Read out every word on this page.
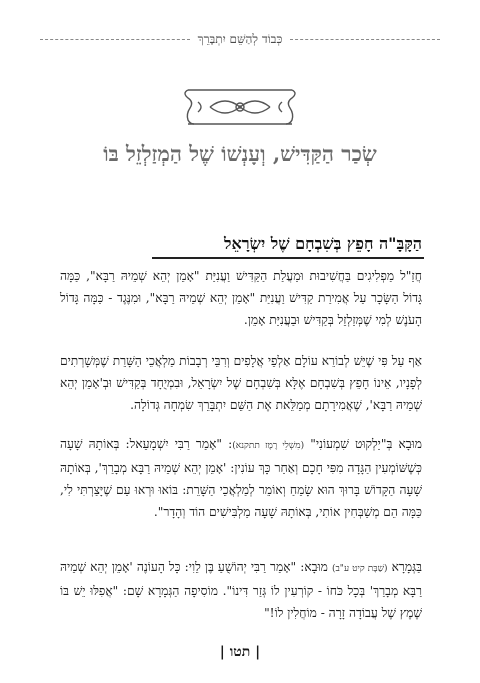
כְּבוֹד לְהַשֵּׁם יִתְבָּרֵךְ
שְׂכַר הַקַּדִּישׁ, וְעָנְשׁוֹ שֶׁל הַמְזַלְזֵל בּוֹ
הַקָּבָּ"ה חָפֵץ בְּשִׁבְחָם שֶׁל יִשְׂרָאֵל
חֲזַ"ל מַפְלִיגִים בַּחֲשִׁיבוּת וּמַעֲלַת הַקַּדִּישׁ וַעֲנִיַּת "אָמֵן יְהֵא שְׁמֵיהּ רַבָּא", כַּמָּה גָּדוֹל הַשָּׂכָר עַל אֲמִירַת קַדִּישׁ וַעֲנִיַּת "אָמֵן יְהֵא שְׁמֵיהּ רַבָּא", וּמִנֶּגֶד - כַּמָּה גָּדוֹל הָעֹנֶשׁ לְמִי שֶׁמְּזַלְזֵל בְּקַדִּישׁ וּבַעֲנִיַּת אָמֵן.
אַף עַל פִּי שֶׁיֵּשׁ לְבוֹרֵא עוֹלָם אַלְפֵי אֲלָפִים וְרִבֵּי רְבָבוֹת מַלְאֲכֵי הַשָּׁרֵת שֶׁמְּשָׁרְתִים לְפָנָיו, אֵינוֹ חָפֵץ בְּשִׁבְחָם אֶלָּא בְּשִׁבְחָם שֶׁל יִשְׂרָאֵל, וּבִמְיֻחָד בְּקַדִּישׁ וּבְ'אָמֵן יְהֵא שְׁמֵיהּ רַבָּא', שֶׁאֲמִירָתָם מְמַלֵּאת אֶת הַשֵּׁם יִתְבָּרֵךְ שִׂמְחָה גְּדוֹלָה.
מוּבָא בְּ"יַלְקוּט שִׁמְעוֹנִי" (מִשְׁלֵי רֶמֶז תתקנא): "אָמַר רַבִּי יִשְׁמָעֵאל: בְּאוֹתָהּ שָׁעָה כְּשֶׁשּׁוֹמְעִין הַגָּדָה מִפִּי חָכָם וְאַחַר כָּךְ עוֹנִין: 'אָמֵן יְהֵא שְׁמֵיהּ רַבָּא מְבָרַךְ', בְּאוֹתָהּ שָׁעָה הַקָּדוֹשׁ בָּרוּךְ הוּא שָׂמֵחַ וְאוֹמֵר לְמַלְאֲכֵי הַשָּׁרֵת: בּוֹאוּ וּרְאוּ עַם שֶׁיָּצַרְתִּי לִי, כַּמָּה הֵם מְשַׁבְּחִין אוֹתִי, בְּאוֹתָהּ שָׁעָה מַלְבִּישִׁים הוֹד וְהָדָר".
בַּגְּמָרָא (שַׁבָּת קיט ע"ב) מוּבָא: "אָמַר רַבִּי יְהוֹשֻׁעַ בֶּן לֵוִי: כָּל הָעוֹנֶה 'אָמֵן יְהֵא שְׁמֵיהּ רַבָּא מְבָרַךְ' בְּכָל כֹּחוֹ - קוֹרְעִין לוֹ גְּזַר דִּינוֹ". מוֹסִיפָה הַגְּמָרָא שָׁם: "אֲפִלּוּ יֵשׁ בּוֹ שֶׁמֶץ שֶׁל עֲבוֹדָה זָרָה - מוֹחֲלִין לוֹ!"
| תטו |
